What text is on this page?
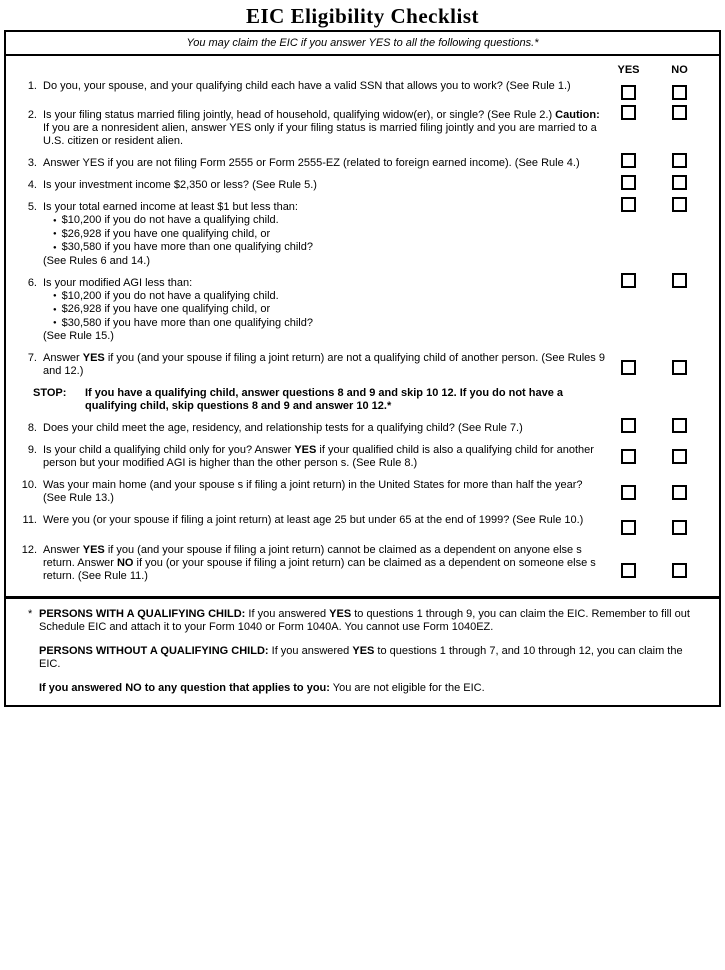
EIC Eligibility Checklist
You may claim the EIC if you answer YES to all the following questions.*
YES	NO
1. Do you, your spouse, and your qualifying child each have a valid SSN that allows you to work? (See Rule 1.)
2. Is your filing status married filing jointly, head of household, qualifying widow(er), or single? (See Rule 2.) Caution: If you are a nonresident alien, answer YES only if your filing status is married filing jointly and you are married to a U.S. citizen or resident alien.
3. Answer YES if you are not filing Form 2555 or Form 2555-EZ (related to foreign earned income). (See Rule 4.)
4. Is your investment income $2,350 or less? (See Rule 5.)
5. Is your total earned income at least $1 but less than:
● $10,200 if you do not have a qualifying child.
● $26,928 if you have one qualifying child, or
● $30,580 if you have more than one qualifying child?
(See Rules 6 and 14.)
6. Is your modified AGI less than:
● $10,200 if you do not have a qualifying child.
● $26,928 if you have one qualifying child, or
● $30,580 if you have more than one qualifying child?
(See Rule 15.)
7. Answer YES if you (and your spouse if filing a joint return) are not a qualifying child of another person. (See Rules 9 and 12.)
STOP:	If you have a qualifying child, answer questions 8 and 9 and skip 10 12. If you do not have a qualifying child, skip questions 8 and 9 and answer 10 12.*
8. Does your child meet the age, residency, and relationship tests for a qualifying child? (See Rule 7.)
9. Is your child a qualifying child only for you? Answer YES if your qualified child is also a qualifying child for another person but your modified AGI is higher than the other person s. (See Rule 8.)
10. Was your main home (and your spouse s if filing a joint return) in the United States for more than half the year? (See Rule 13.)
11. Were you (or your spouse if filing a joint return) at least age 25 but under 65 at the end of 1999? (See Rule 10.)
12. Answer YES if you (and your spouse if filing a joint return) cannot be claimed as a dependent on anyone else s return. Answer NO if you (or your spouse if filing a joint return) can be claimed as a dependent on someone else s return. (See Rule 11.)
* PERSONS WITH A QUALIFYING CHILD: If you answered YES to questions 1 through 9, you can claim the EIC. Remember to fill out Schedule EIC and attach it to your Form 1040 or Form 1040A. You cannot use Form 1040EZ.
PERSONS WITHOUT A QUALIFYING CHILD: If you answered YES to questions 1 through 7, and 10 through 12, you can claim the EIC.
If you answered NO to any question that applies to you: You are not eligible for the EIC.
